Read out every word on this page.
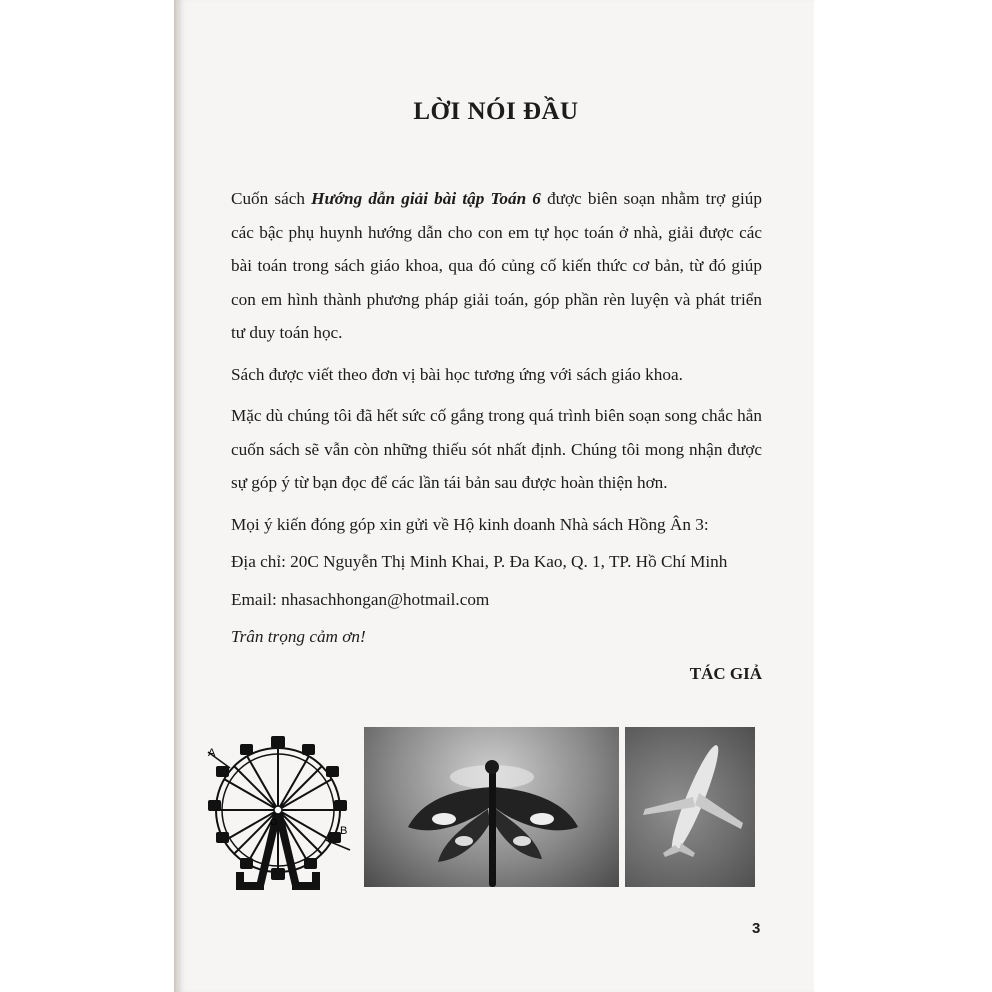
LỜI NÓI ĐẦU

Cuốn sách Hướng dẫn giải bài tập Toán 6 được biên soạn nhằm trợ giúp các bậc phụ huynh hướng dẫn cho con em tự học toán ở nhà, giải được các bài toán trong sách giáo khoa, qua đó củng cố kiến thức cơ bản, từ đó giúp con em hình thành phương pháp giải toán, góp phần rèn luyện và phát triển tư duy toán học.

Sách được viết theo đơn vị bài học tương ứng với sách giáo khoa.

Mặc dù chúng tôi đã hết sức cố gắng trong quá trình biên soạn song chắc hẳn cuốn sách sẽ vẫn còn những thiếu sót nhất định. Chúng tôi mong nhận được sự góp ý từ bạn đọc để các lần tái bản sau được hoàn thiện hơn.

Mọi ý kiến đóng góp xin gửi về Hộ kinh doanh Nhà sách Hồng Ân 3:

Địa chỉ: 20C Nguyễn Thị Minh Khai, P. Đa Kao, Q. 1, TP. Hồ Chí Minh

Email: nhasachhongan@hotmail.com

Trân trọng cảm ơn!

TÁC GIẢ
A
B
O
3
